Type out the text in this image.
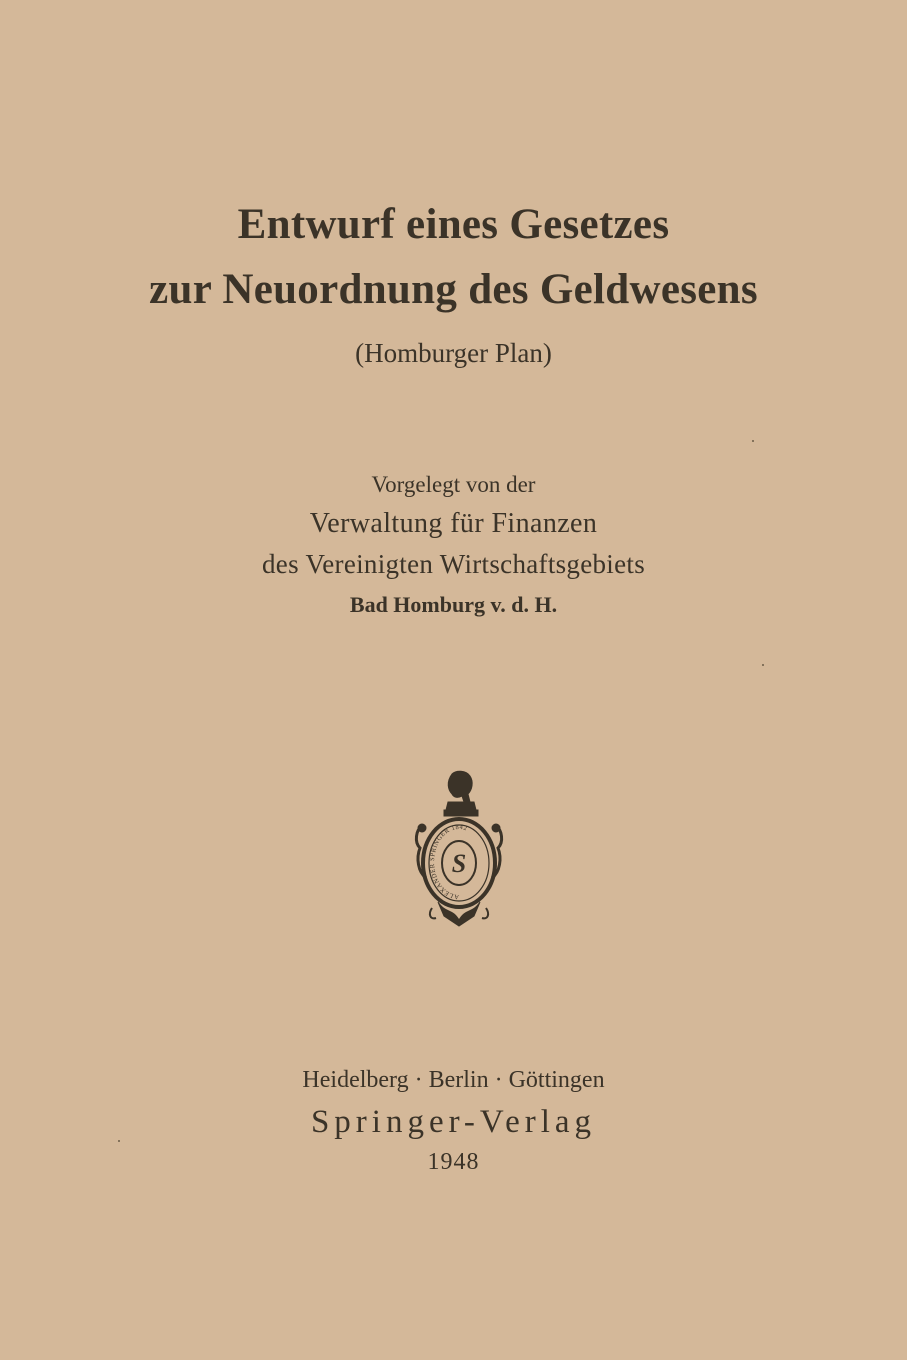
Entwurf eines Gesetzes
zur Neuordnung des Geldwesens
(Homburger Plan)
Vorgelegt von der
Verwaltung für Finanzen
des Vereinigten Wirtschaftsgebiets
Bad Homburg v. d. H.
S
ALEXANDER SPRINGER 1842
Heidelberg · Berlin · Göttingen
Springer-Verlag
1948
